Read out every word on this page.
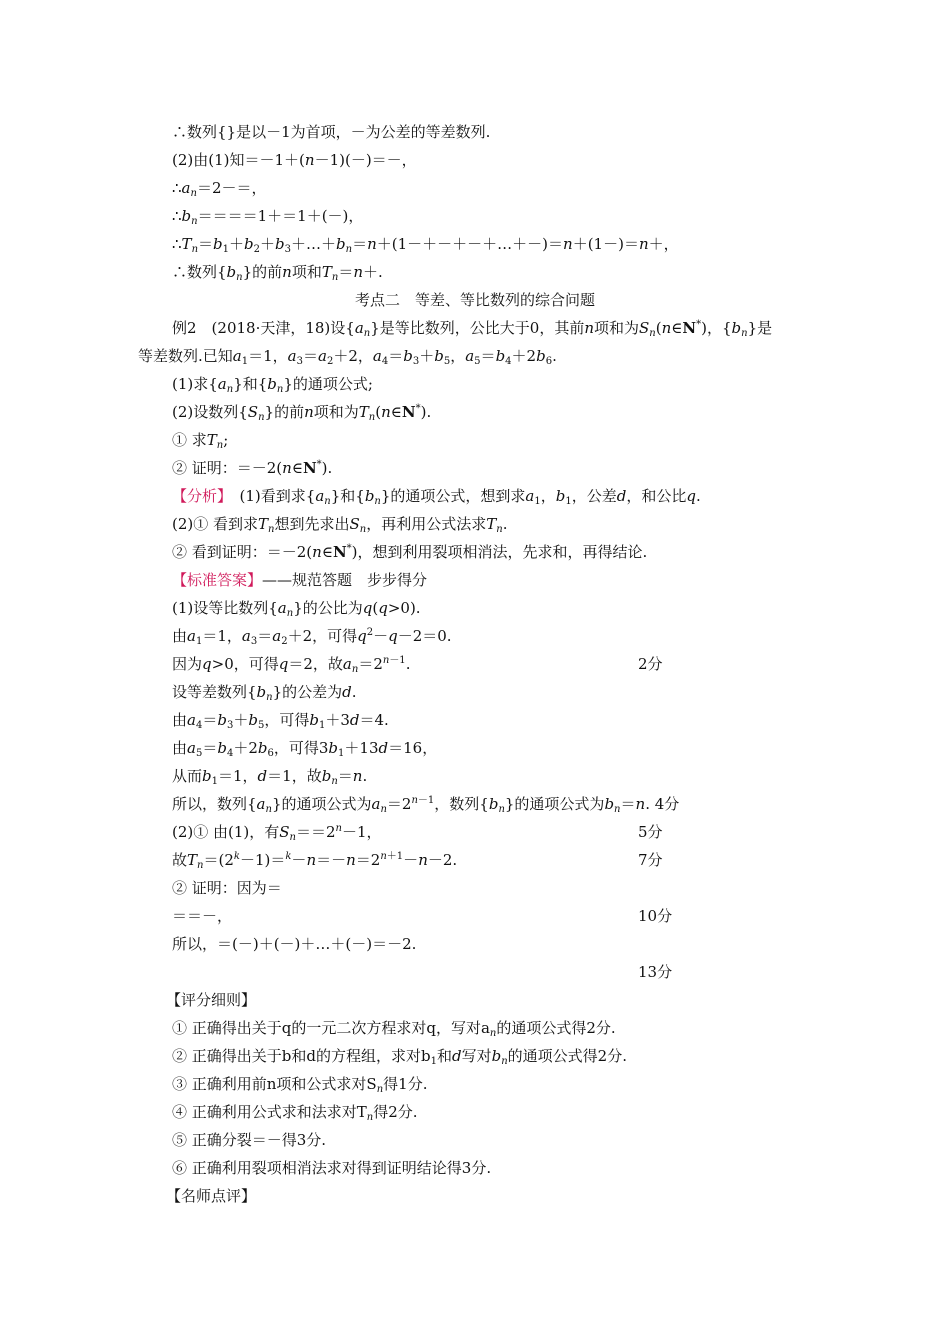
∴数列{}是以－1为首项，－为公差的等差数列.
(2)由(1)知＝－1＋(n－1)(－)＝－，
$\therefore a_n=2-=$，
$\therefore b_n====1+=1+(-)$，
$\therefore T_n=b_1+b_2+b_3+\dots+b_n=n+(1-+-+-+\dots+-)=n+(1-)=n+$，
∴数列$\{b_n\}$的前n项和$T_n=n+$.
考点二　等差、等比数列的综合问题
例2　(2018·天津，18)设$\{a_n\}$是等比数列，公比大于0，其前n项和为$S_n(n\in N^*)$，$\{b_n\}$是
等差数列.已知$a_1=1$，$a_3=a_2+2$，$a_4=b_3+b_5$，$a_5=b_4+2b_6$.
(1)求$\{a_n\}$和$\{b_n\}$的通项公式;
(2)设数列$\{S_n\}$的前n项和为$T_n(n\in N^*)$.
① 求$T_n$;
② 证明：＝－2(n∈N*).
【分析】　(1)看到求$\{a_n\}$和$\{b_n\}$的通项公式，想到求$a_1$，$b_1$，公差d，和公比q.
(2)① 看到求$T_n$想到先求出$S_n$，再利用公式法求$T_n$.
② 看到证明：＝－2(n∈N*)，想到利用裂项相消法，先求和，再得结论.
【标准答案】——规范答题　步步得分
(1)设等比数列$\{a_n\}$的公比为q(q>0).
由$a_1=1$，$a_3=a_2+2$，可得$q^2-q-2=0$.
因为q>0，可得q＝2，故$a_n=2^{n-1}$.	2分
设等差数列$\{b_n\}$的公差为d.
由$a_4=b_3+b_5$，可得$b_1+3d=4$.
由$a_5=b_4+2b_6$，可得$3b_1+13d=16$，
从而$b_1=1$，d＝1，故$b_n=n$.
所以，数列$\{a_n\}$的通项公式为$a_n=2^{n-1}$，数列$\{b_n\}$的通项公式为$b_n=n$. 4分
(2)① 由(1)，有$S_n==2^n-1$，	5分
故$T_n=(2^k-1)=^k-n=-n=2^{n+1}-n-2$.	7分
② 证明：因为＝
＝＝－，	10分
所以，＝(－)＋(－)＋…＋(－)＝－2.
13分
【评分细则】
① 正确得出关于q的一元二次方程求对q，写对$a_n$的通项公式得2分.
② 正确得出关于b和d的方程组，求对$b_1$和d写对$b_n$的通项公式得2分.
③ 正确利用前n项和公式求对$S_n$得1分.
④ 正确利用公式求和法求对$T_n$得2分.
⑤ 正确分裂＝－得3分.
⑥ 正确利用裂项相消法求对得到证明结论得3分.
【名师点评】
